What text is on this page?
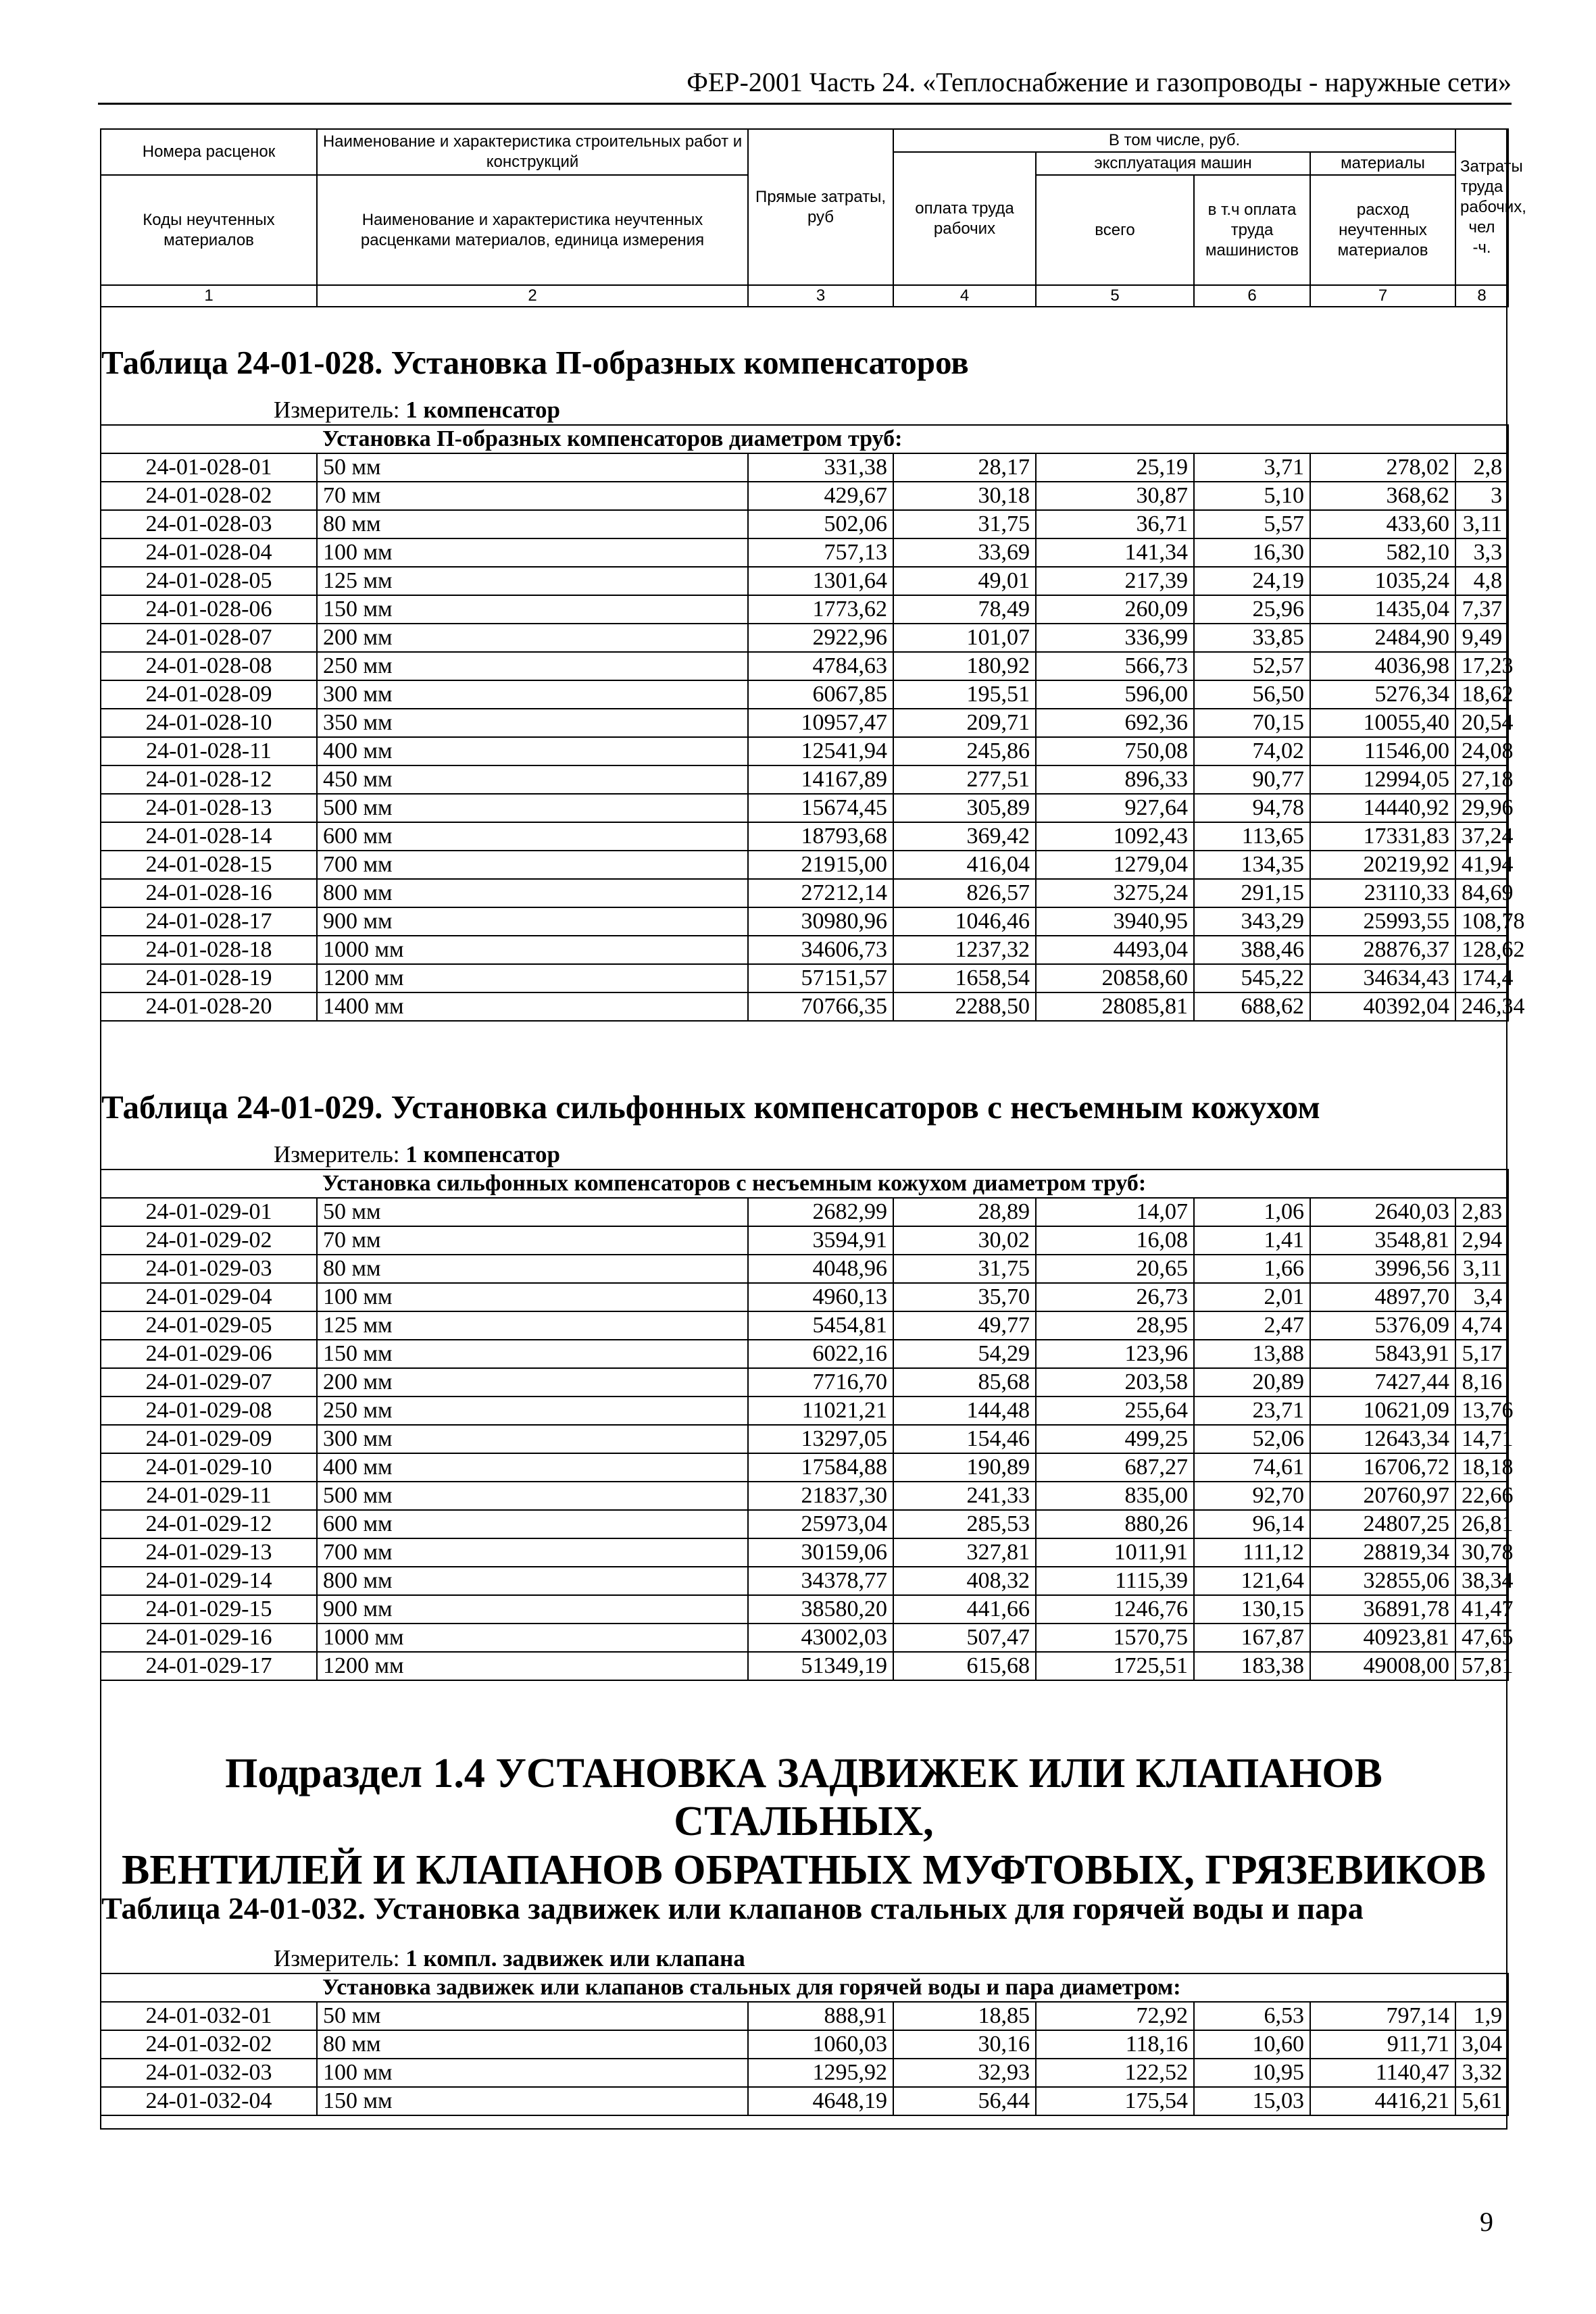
ФЕР-2001 Часть 24. «Теплоснабжение и газопроводы - наружные сети»
Номера расценок	Наименование и характеристика строительных работ и конструкций	Прямые затраты, руб	В том числе, руб.				Затраты труда рабочих, чел -ч.
			оплата труда рабочих	эксплуатация машин		материалы	
Коды неучтенных материалов	Наименование и характеристика неучтенных расценками материалов, единица измерения			всего	в т.ч оплата труда машинистов	расход неучтенных материалов	
1	2	3	4	5	6	7	8
Таблица 24-01-028. Установка П-образных компенсаторов
Измеритель: 1 компенсатор
	Установка П-образных компенсаторов диаметром труб:						
24-01-028-01	50 мм	331,38	28,17	25,19	3,71	278,02	2,8
24-01-028-02	70 мм	429,67	30,18	30,87	5,10	368,62	3
24-01-028-03	80 мм	502,06	31,75	36,71	5,57	433,60	3,11
24-01-028-04	100 мм	757,13	33,69	141,34	16,30	582,10	3,3
24-01-028-05	125 мм	1301,64	49,01	217,39	24,19	1035,24	4,8
24-01-028-06	150 мм	1773,62	78,49	260,09	25,96	1435,04	7,37
24-01-028-07	200 мм	2922,96	101,07	336,99	33,85	2484,90	9,49
24-01-028-08	250 мм	4784,63	180,92	566,73	52,57	4036,98	17,23
24-01-028-09	300 мм	6067,85	195,51	596,00	56,50	5276,34	18,62
24-01-028-10	350 мм	10957,47	209,71	692,36	70,15	10055,40	20,54
24-01-028-11	400 мм	12541,94	245,86	750,08	74,02	11546,00	24,08
24-01-028-12	450 мм	14167,89	277,51	896,33	90,77	12994,05	27,18
24-01-028-13	500 мм	15674,45	305,89	927,64	94,78	14440,92	29,96
24-01-028-14	600 мм	18793,68	369,42	1092,43	113,65	17331,83	37,24
24-01-028-15	700 мм	21915,00	416,04	1279,04	134,35	20219,92	41,94
24-01-028-16	800 мм	27212,14	826,57	3275,24	291,15	23110,33	84,69
24-01-028-17	900 мм	30980,96	1046,46	3940,95	343,29	25993,55	108,78
24-01-028-18	1000 мм	34606,73	1237,32	4493,04	388,46	28876,37	128,62
24-01-028-19	1200 мм	57151,57	1658,54	20858,60	545,22	34634,43	174,4
24-01-028-20	1400 мм	70766,35	2288,50	28085,81	688,62	40392,04	246,34
Таблица 24-01-029. Установка сильфонных компенсаторов с несъемным кожухом
Измеритель: 1 компенсатор
	Установка сильфонных компенсаторов с несъемным кожухом диаметром труб:						
24-01-029-01	50 мм	2682,99	28,89	14,07	1,06	2640,03	2,83
24-01-029-02	70 мм	3594,91	30,02	16,08	1,41	3548,81	2,94
24-01-029-03	80 мм	4048,96	31,75	20,65	1,66	3996,56	3,11
24-01-029-04	100 мм	4960,13	35,70	26,73	2,01	4897,70	3,4
24-01-029-05	125 мм	5454,81	49,77	28,95	2,47	5376,09	4,74
24-01-029-06	150 мм	6022,16	54,29	123,96	13,88	5843,91	5,17
24-01-029-07	200 мм	7716,70	85,68	203,58	20,89	7427,44	8,16
24-01-029-08	250 мм	11021,21	144,48	255,64	23,71	10621,09	13,76
24-01-029-09	300 мм	13297,05	154,46	499,25	52,06	12643,34	14,71
24-01-029-10	400 мм	17584,88	190,89	687,27	74,61	16706,72	18,18
24-01-029-11	500 мм	21837,30	241,33	835,00	92,70	20760,97	22,66
24-01-029-12	600 мм	25973,04	285,53	880,26	96,14	24807,25	26,81
24-01-029-13	700 мм	30159,06	327,81	1011,91	111,12	28819,34	30,78
24-01-029-14	800 мм	34378,77	408,32	1115,39	121,64	32855,06	38,34
24-01-029-15	900 мм	38580,20	441,66	1246,76	130,15	36891,78	41,47
24-01-029-16	1000 мм	43002,03	507,47	1570,75	167,87	40923,81	47,65
24-01-029-17	1200 мм	51349,19	615,68	1725,51	183,38	49008,00	57,81
Подраздел 1.4 УСТАНОВКА ЗАДВИЖЕК ИЛИ КЛАПАНОВ СТАЛЬНЫХ,
ВЕНТИЛЕЙ И КЛАПАНОВ ОБРАТНЫХ МУФТОВЫХ, ГРЯЗЕВИКОВ
Таблица 24-01-032. Установка задвижек или клапанов стальных для горячей воды и пара
Измеритель: 1 компл. задвижек или клапана
	Установка задвижек или клапанов стальных для горячей воды и пара диаметром:						
24-01-032-01	50 мм	888,91	18,85	72,92	6,53	797,14	1,9
24-01-032-02	80 мм	1060,03	30,16	118,16	10,60	911,71	3,04
24-01-032-03	100 мм	1295,92	32,93	122,52	10,95	1140,47	3,32
24-01-032-04	150 мм	4648,19	56,44	175,54	15,03	4416,21	5,61
9
